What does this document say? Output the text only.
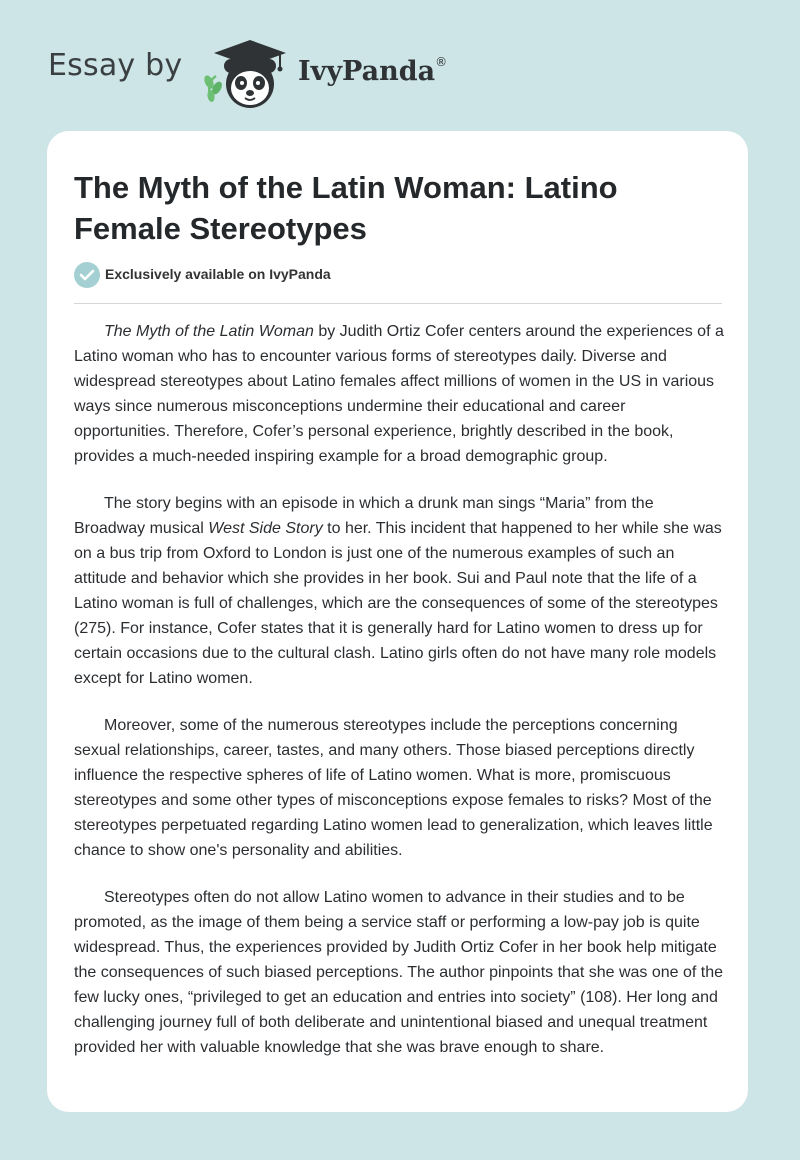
Essay by	IvyPanda®
The Myth of the Latin Woman: Latino Female Stereotypes
Exclusively available on IvyPanda

The Myth of the Latin Woman by Judith Ortiz Cofer centers around the experiences of a Latino woman who has to encounter various forms of stereotypes daily. Diverse and widespread stereotypes about Latino females affect millions of women in the US in various ways since numerous misconceptions undermine their educational and career opportunities. Therefore, Cofer’s personal experience, brightly described in the book, provides a much-needed inspiring example for a broad demographic group.

The story begins with an episode in which a drunk man sings “Maria” from the Broadway musical West Side Story to her. This incident that happened to her while she was on a bus trip from Oxford to London is just one of the numerous examples of such an attitude and behavior which she provides in her book. Sui and Paul note that the life of a Latino woman is full of challenges, which are the consequences of some of the stereotypes (275). For instance, Cofer states that it is generally hard for Latino women to dress up for certain occasions due to the cultural clash. Latino girls often do not have many role models except for Latino women.

Moreover, some of the numerous stereotypes include the perceptions concerning sexual relationships, career, tastes, and many others. Those biased perceptions directly influence the respective spheres of life of Latino women. What is more, promiscuous stereotypes and some other types of misconceptions expose females to risks? Most of the stereotypes perpetuated regarding Latino women lead to generalization, which leaves little chance to show one's personality and abilities.

Stereotypes often do not allow Latino women to advance in their studies and to be promoted, as the image of them being a service staff or performing a low-pay job is quite widespread. Thus, the experiences provided by Judith Ortiz Cofer in her book help mitigate the consequences of such biased perceptions. The author pinpoints that she was one of the few lucky ones, “privileged to get an education and entries into society” (108). Her long and challenging journey full of both deliberate and unintentional biased and unequal treatment provided her with valuable knowledge that she was brave enough to share.
